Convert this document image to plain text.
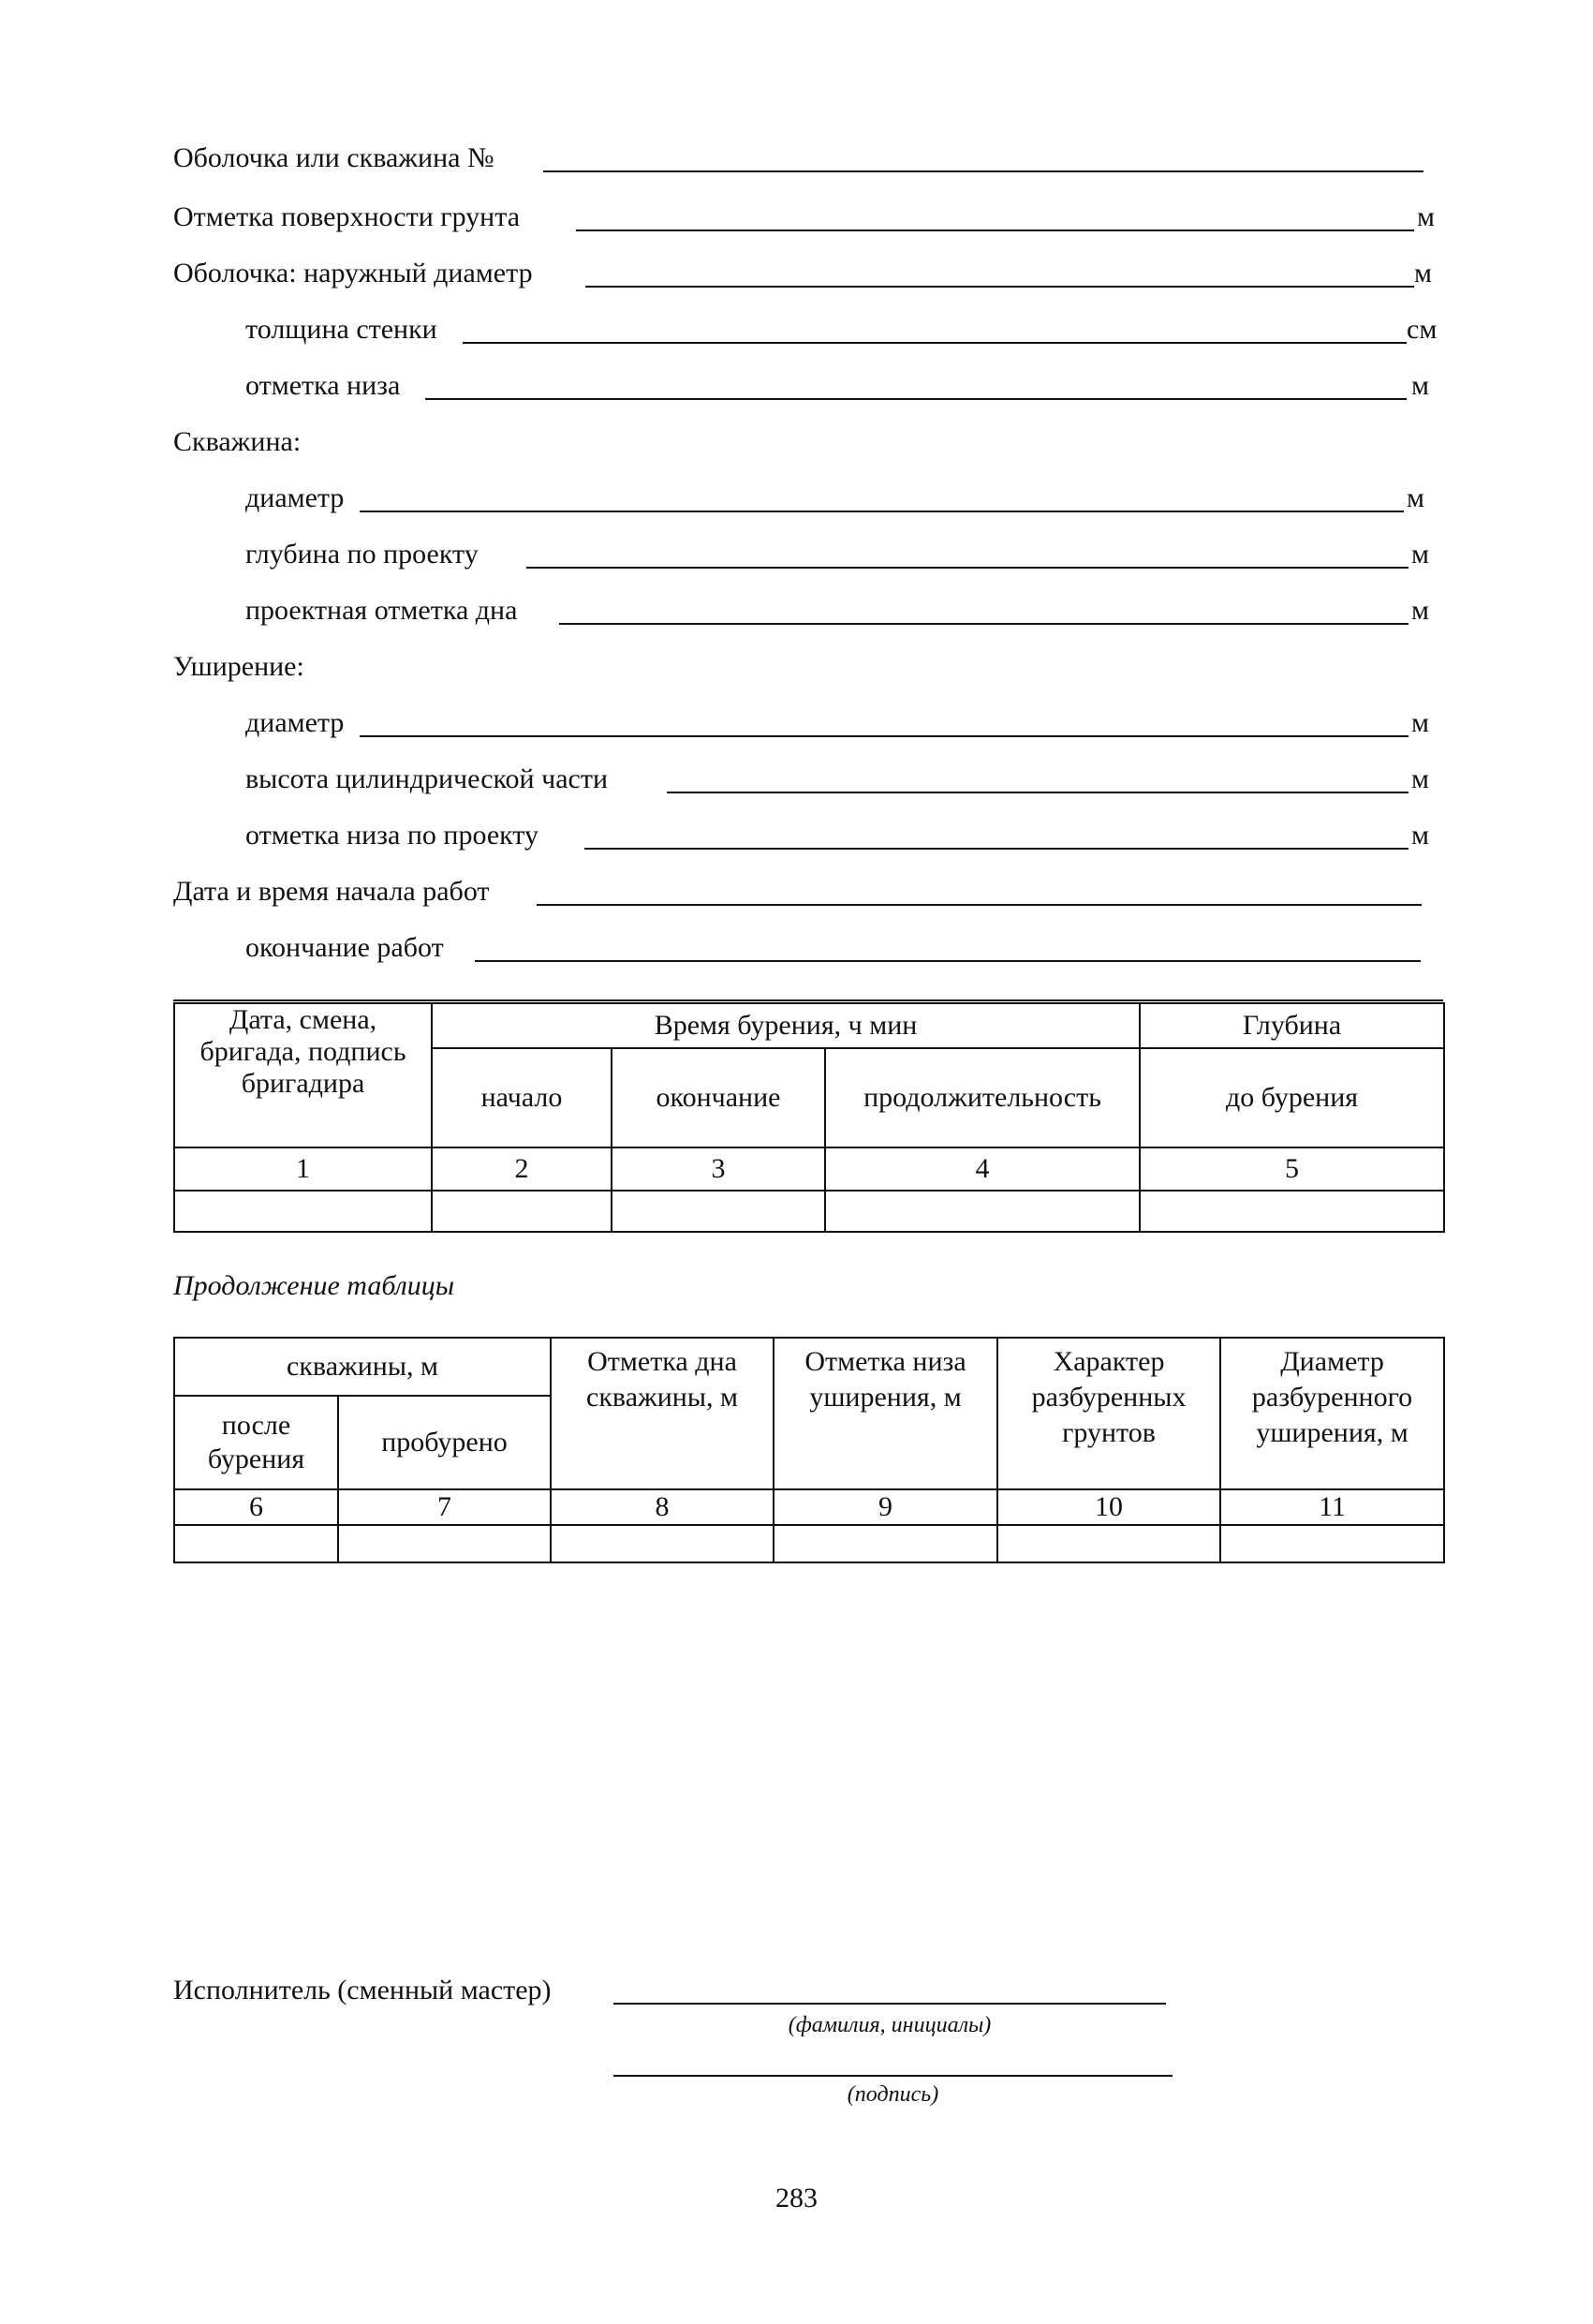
Оболочка или скважина №
Отметка поверхности грунта	м
Оболочка: наружный диаметр	м
толщина стенки	см
отметка низа	м
Скважина:
диаметр	м
глубина по проекту	м
проектная отметка дна	м
Уширение:
диаметр	м
высота цилиндрической части	м
отметка низа по проекту	м
Дата и время начала работ
окончание работ
Дата, смена, бригада, подпись бригадира	Время бурения, ч мин			Глубина
	начало	окончание	продолжительность	до бурения
1	2	3	4	5

Продолжение таблицы
скважины, м		Отметка дна скважины, м	Отметка низа уширения, м	Характер разбуренных грунтов	Диаметр разбуренного уширения, м
после бурения	пробурено				
6	7	8	9	10	11

Исполнитель (сменный мастер)
(фамилия, инициалы)
(подпись)
283
